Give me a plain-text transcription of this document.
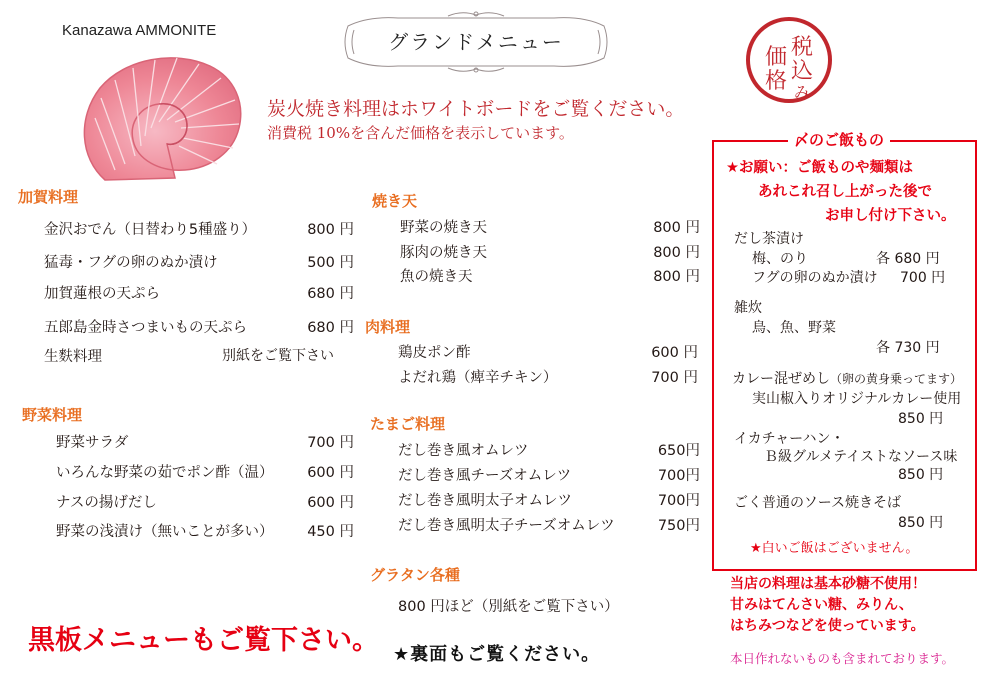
Kanazawa AMMONITE	グランドメニュー	税
込
価
格 み
炭火焼き料理はホワイトボードをご覧ください。
消費税 10%を含んだ価格を表示しています。
加賀料理
金沢おでん（日替わり5種盛り）	800 円
猛毒・フグの卵のぬか漬け	500 円
加賀蓮根の天ぷら	680 円
五郎島金時さつまいもの天ぷら	680 円
生麩料理	別紙をご覧下さい
野菜料理
野菜サラダ	700 円
いろんな野菜の茹でポン酢（温）	600 円
ナスの揚げだし	600 円
野菜の浅漬け（無いことが多い）	450 円
焼き天
野菜の焼き天	800 円
豚肉の焼き天	800 円
魚の焼き天	800 円
肉料理
鶏皮ポン酢	600 円
よだれ鶏（痺辛チキン）	700 円
たまご料理
だし巻き風オムレツ	650円
だし巻き風チーズオムレツ	700円
だし巻き風明太子オムレツ	700円
だし巻き風明太子チーズオムレツ	750円
グラタン各種
800 円ほど（別紙をご覧下さい）
黒板メニューもご覧下さい。 ★裏面もご覧ください。
〆のご飯もの
★お願い：ご飯ものや麺類は
あれこれ召し上がった後で
お申し付け下さい。
だし茶漬け
梅、のり	各 680 円
フグの卵のぬか漬け 700 円
雑炊
鳥、魚、野菜
各 730 円
カレー混ぜめし（卵の黄身乗ってます）
実山椒入りオリジナルカレー使用
850 円
イカチャーハン・
Ｂ級グルメテイストなソース味
850 円
ごく普通のソース焼きそば
850 円
★白いご飯はございません。
当店の料理は基本砂糖不使用！
甘みはてんさい糖、みりん、
はちみつなどを使っています。
本日作れないものも含まれております。
